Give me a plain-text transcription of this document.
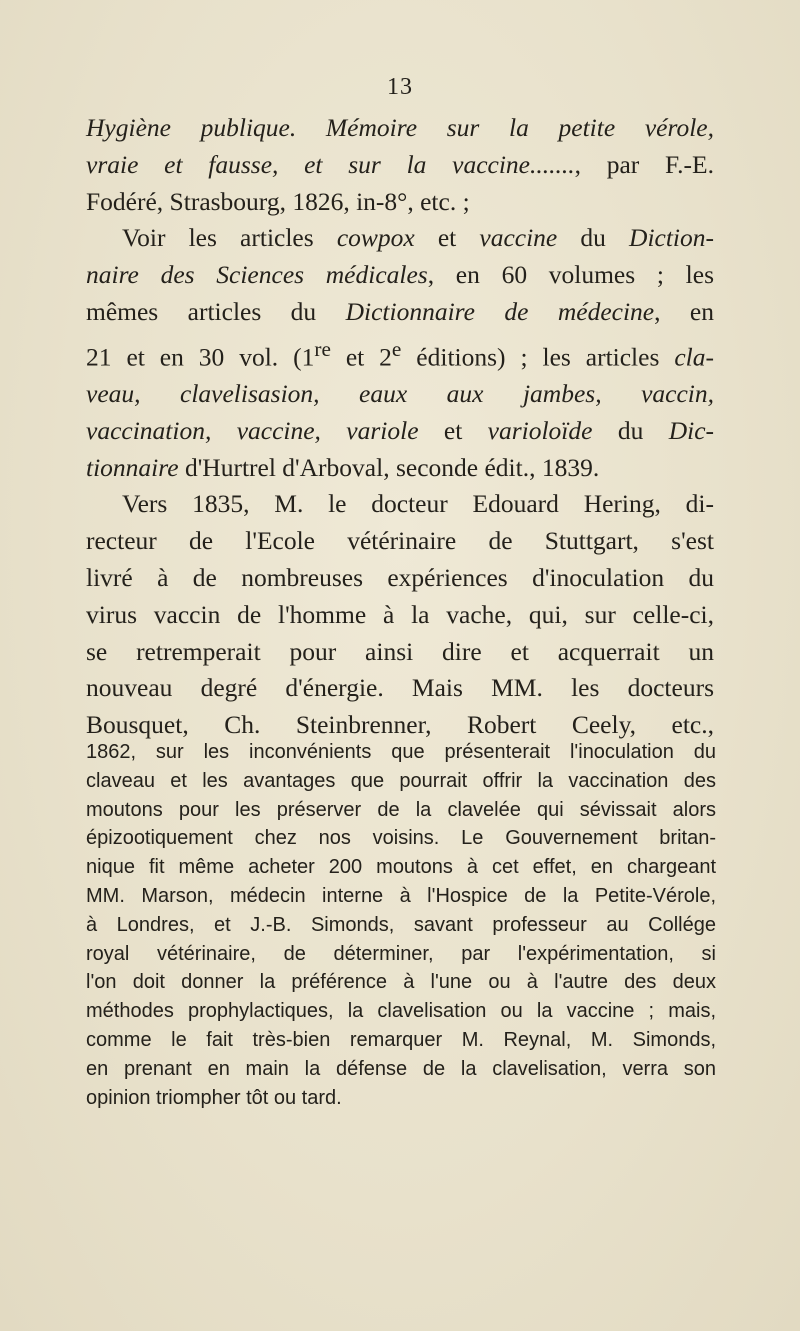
13
Hygiène publique. Mémoire sur la petite vérole,
vraie et fausse, et sur la vaccine......., par F.-E.
Fodéré, Strasbourg, 1826, in-8°, etc. ;
Voir les articles cowpox et vaccine du Diction-
naire des Sciences médicales, en 60 volumes ; les
mêmes articles du Dictionnaire de médecine, en
21 et en 30 vol. (1re et 2e éditions) ; les articles cla-
veau, clavelisasion, eaux aux jambes, vaccin,
vaccination, vaccine, variole et varioloïde du Dic-
tionnaire d'Hurtrel d'Arboval, seconde édit., 1839.
Vers 1835, M. le docteur Edouard Hering, di-
recteur de l'Ecole vétérinaire de Stuttgart, s'est
livré à de nombreuses expériences d'inoculation du
virus vaccin de l'homme à la vache, qui, sur celle-ci,
se retremperait pour ainsi dire et acquerrait un
nouveau degré d'énergie. Mais MM. les docteurs
Bousquet, Ch. Steinbrenner, Robert Ceely, etc.,
1862, sur les inconvénients que présenterait l'inoculation du
claveau et les avantages que pourrait offrir la vaccination des
moutons pour les préserver de la clavelée qui sévissait alors
épizootiquement chez nos voisins. Le Gouvernement britan-
nique fit même acheter 200 moutons à cet effet, en chargeant
MM. Marson, médecin interne à l'Hospice de la Petite-Vérole,
à Londres, et J.-B. Simonds, savant professeur au Collége
royal vétérinaire, de déterminer, par l'expérimentation, si
l'on doit donner la préférence à l'une ou à l'autre des deux
méthodes prophylactiques, la clavelisation ou la vaccine ; mais,
comme le fait très-bien remarquer M. Reynal, M. Simonds,
en prenant en main la défense de la clavelisation, verra son
opinion triompher tôt ou tard.
